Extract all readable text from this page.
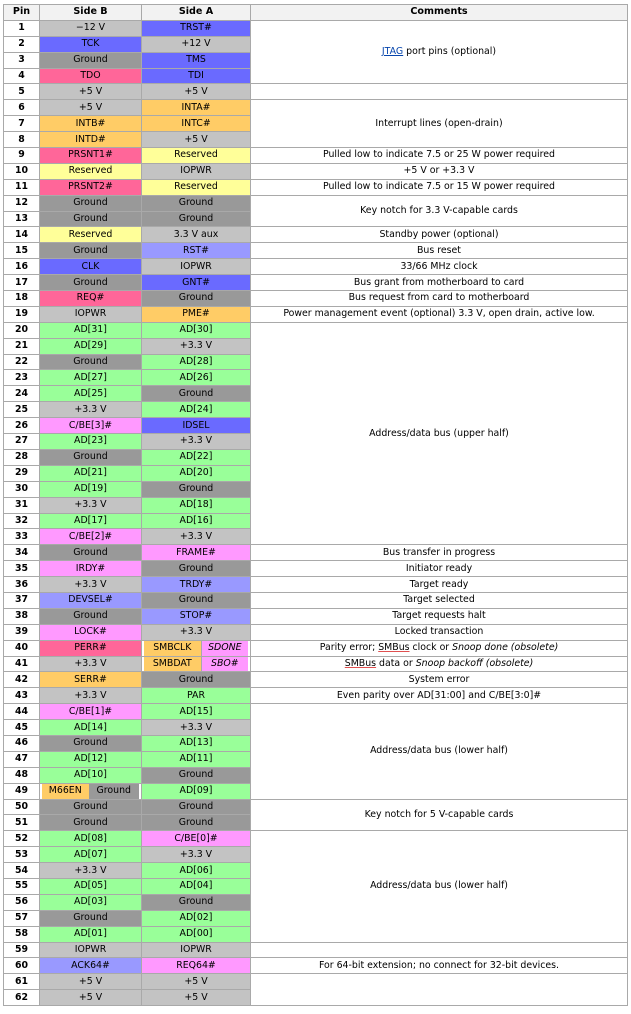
Pin	Side B	Side A	Comments
1	−12 V	TRST#	JTAG port pins (optional)
2	TCK	+12 V	
3	Ground	TMS	
4	TDO	TDI	
5	+5 V	+5 V	
6	+5 V	INTA#	Interrupt lines (open-drain)
7	INTB#	INTC#	
8	INTD#	+5 V	
9	PRSNT1#	Reserved	Pulled low to indicate 7.5 or 25 W power required
10	Reserved	IOPWR	+5 V or +3.3 V
11	PRSNT2#	Reserved	Pulled low to indicate 7.5 or 15 W power required
12	Ground	Ground	Key notch for 3.3 V-capable cards
13	Ground	Ground	
14	Reserved	3.3 V aux	Standby power (optional)
15	Ground	RST#	Bus reset
16	CLK	IOPWR	33/66 MHz clock
17	Ground	GNT#	Bus grant from motherboard to card
18	REQ#	Ground	Bus request from card to motherboard
19	IOPWR	PME#	Power management event (optional) 3.3 V, open drain, active low.
20	AD[31]	AD[30]	Address/data bus (upper half)
21	AD[29]	+3.3 V	
22	Ground	AD[28]	
23	AD[27]	AD[26]	
24	AD[25]	Ground	
25	+3.3 V	AD[24]	
26	C/BE[3]#	IDSEL	
27	AD[23]	+3.3 V	
28	Ground	AD[22]	
29	AD[21]	AD[20]	
30	AD[19]	Ground	
31	+3.3 V	AD[18]	
32	AD[17]	AD[16]	
33	C/BE[2]#	+3.3 V	
34	Ground	FRAME#	Bus transfer in progress
35	IRDY#	Ground	Initiator ready
36	+3.3 V	TRDY#	Target ready
37	DEVSEL#	Ground	Target selected
38	Ground	STOP#	Target requests halt
39	LOCK#	+3.3 V	Locked transaction
40	PERR#	SMBCLK SDONE	Parity error; SMBus clock or Snoop done (obsolete)
41	+3.3 V	SMBDAT SBO#	SMBus data or Snoop backoff (obsolete)
42	SERR#	Ground	System error
43	+3.3 V	PAR	Even parity over AD[31:00] and C/BE[3:0]#
44	C/BE[1]#	AD[15]	Address/data bus (lower half)
45	AD[14]	+3.3 V	
46	Ground	AD[13]	
47	AD[12]	AD[11]	
48	AD[10]	Ground	
49	M66EN Ground	AD[09]	
50	Ground	Ground	Key notch for 5 V-capable cards
51	Ground	Ground	
52	AD[08]	C/BE[0]#	Address/data bus (lower half)
53	AD[07]	+3.3 V	
54	+3.3 V	AD[06]	
55	AD[05]	AD[04]	
56	AD[03]	Ground	
57	Ground	AD[02]	
58	AD[01]	AD[00]	
59	IOPWR	IOPWR	
60	ACK64#	REQ64#	For 64-bit extension; no connect for 32-bit devices.
61	+5 V	+5 V	
62	+5 V	+5 V	
